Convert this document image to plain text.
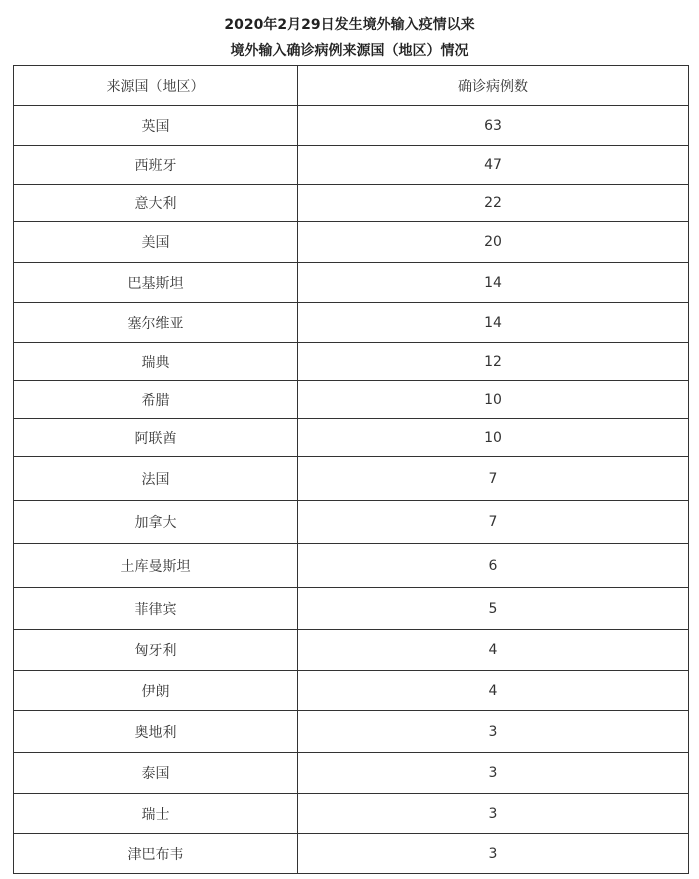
2020年2月29日发生境外输入疫情以来
境外输入确诊病例来源国（地区）情况
来源国（地区）	确诊病例数
英国	63
西班牙	47
意大利	22
美国	20
巴基斯坦	14
塞尔维亚	14
瑞典	12
希腊	10
阿联酋	10
法国	7
加拿大	7
土库曼斯坦	6
菲律宾	5
匈牙利	4
伊朗	4
奥地利	3
泰国	3
瑞士	3
津巴布韦	3
